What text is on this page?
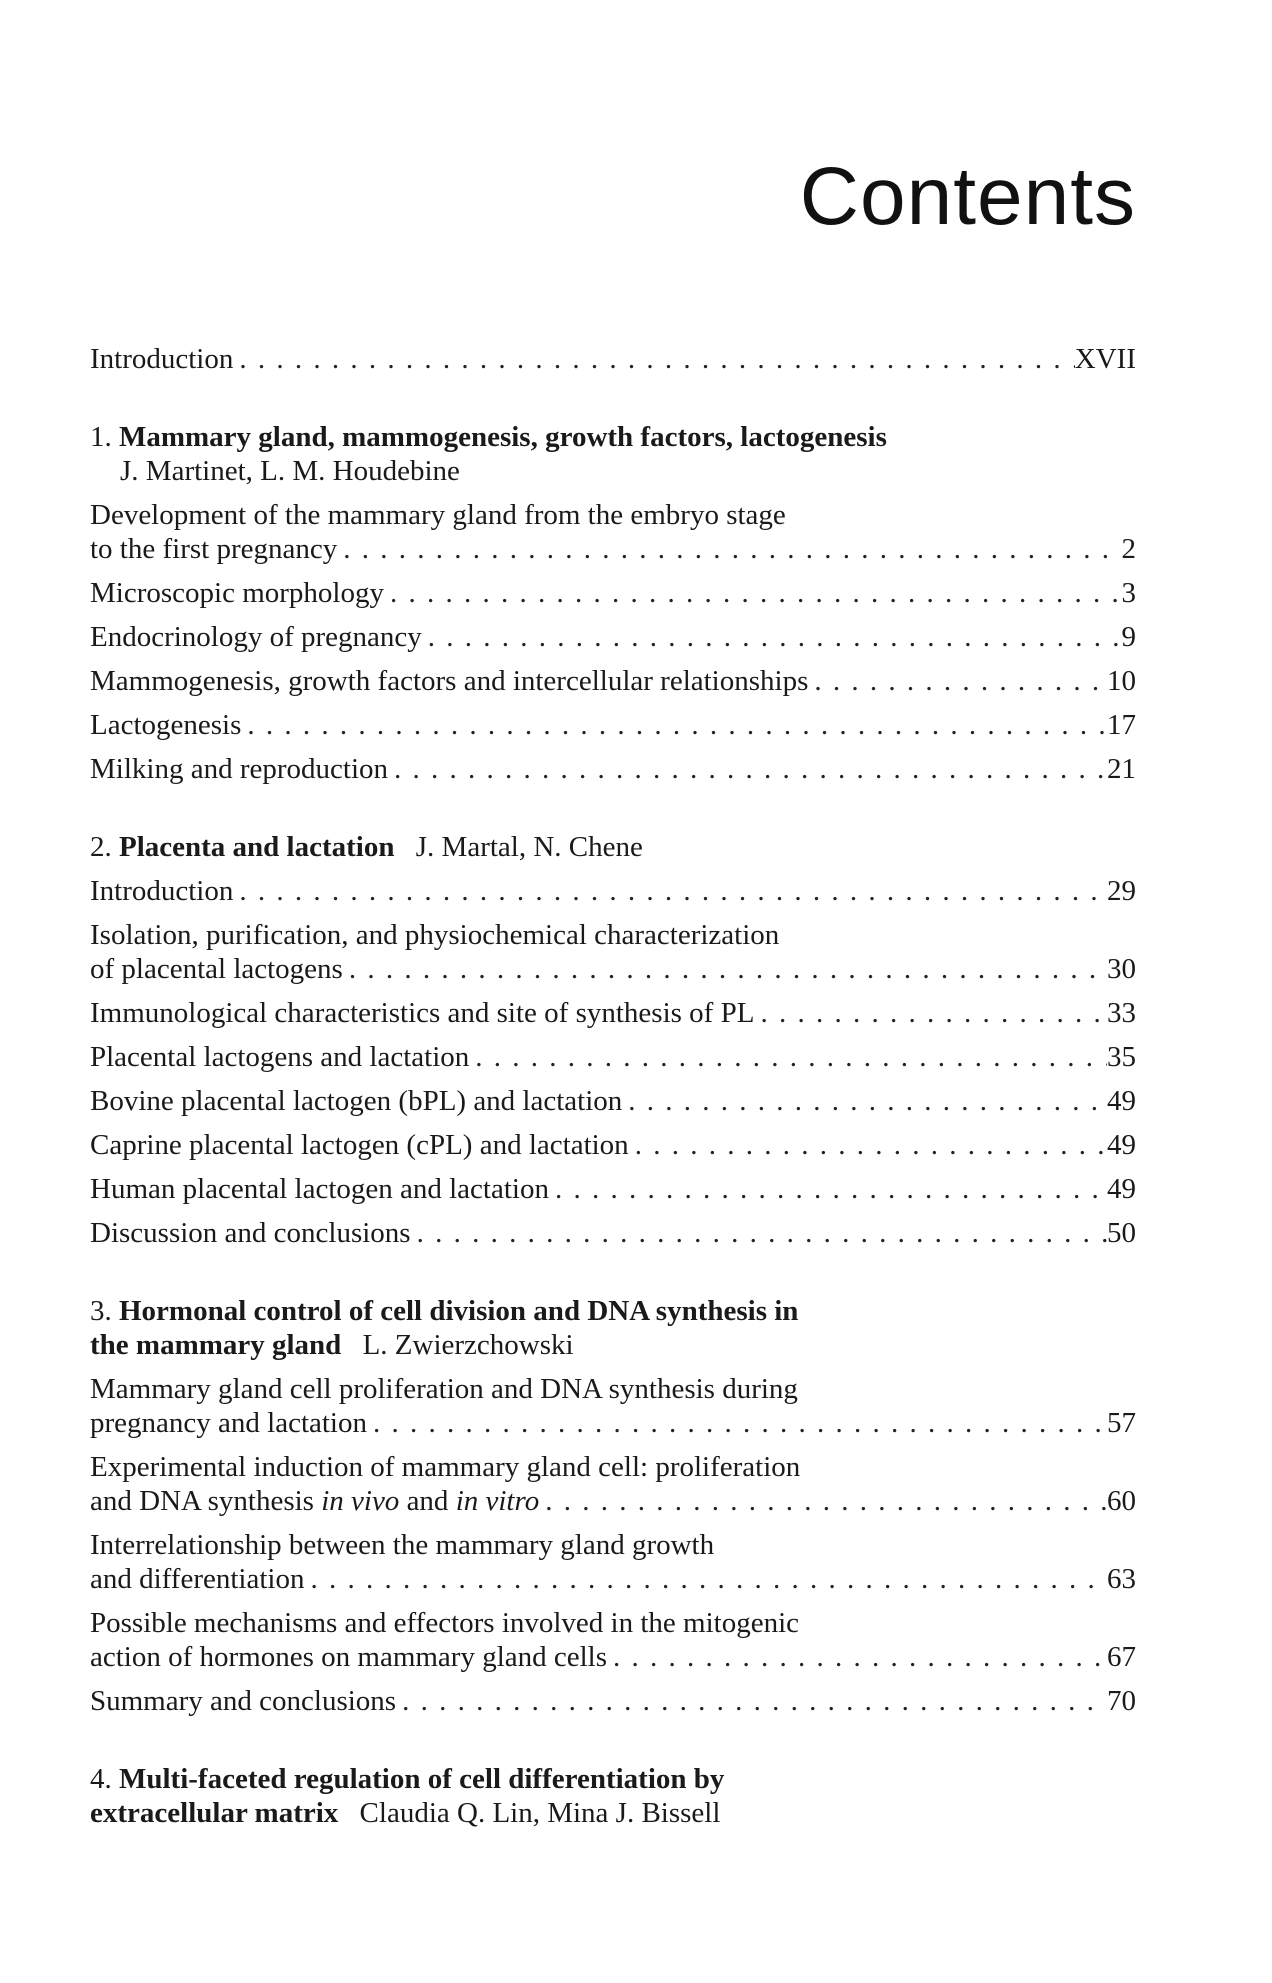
Contents
Introduction . . .	XVII
1. Mammary gland, mammogenesis, growth factors, lactogenesis
J. Martinet, L. M. Houdebine
Development of the mammary gland from the embryo stage
to the first pregnancy . . .	2
Microscopic morphology . . .	3
Endocrinology of pregnancy . . .	9
Mammogenesis, growth factors and intercellular relationships . . .	10
Lactogenesis . . .	17
Milking and reproduction . . .	21
2. Placenta and lactation J. Martal, N. Chene
Introduction . . .	29
Isolation, purification, and physiochemical characterization
of placental lactogens . . .	30
Immunological characteristics and site of synthesis of PL . . .	33
Placental lactogens and lactation . . .	35
Bovine placental lactogen (bPL) and lactation . . .	49
Caprine placental lactogen (cPL) and lactation . . .	49
Human placental lactogen and lactation . . .	49
Discussion and conclusions . . .	50
3. Hormonal control of cell division and DNA synthesis in
the mammary gland L. Zwierzchowski
Mammary gland cell proliferation and DNA synthesis during
pregnancy and lactation . . .	57
Experimental induction of mammary gland cell: proliferation
and DNA synthesis in vivo and in vitro . . .	60
Interrelationship between the mammary gland growth
and differentiation . . .	63
Possible mechanisms and effectors involved in the mitogenic
action of hormones on mammary gland cells . . .	67
Summary and conclusions . . .	70
4. Multi-faceted regulation of cell differentiation by
extracellular matrix Claudia Q. Lin, Mina J. Bissell
